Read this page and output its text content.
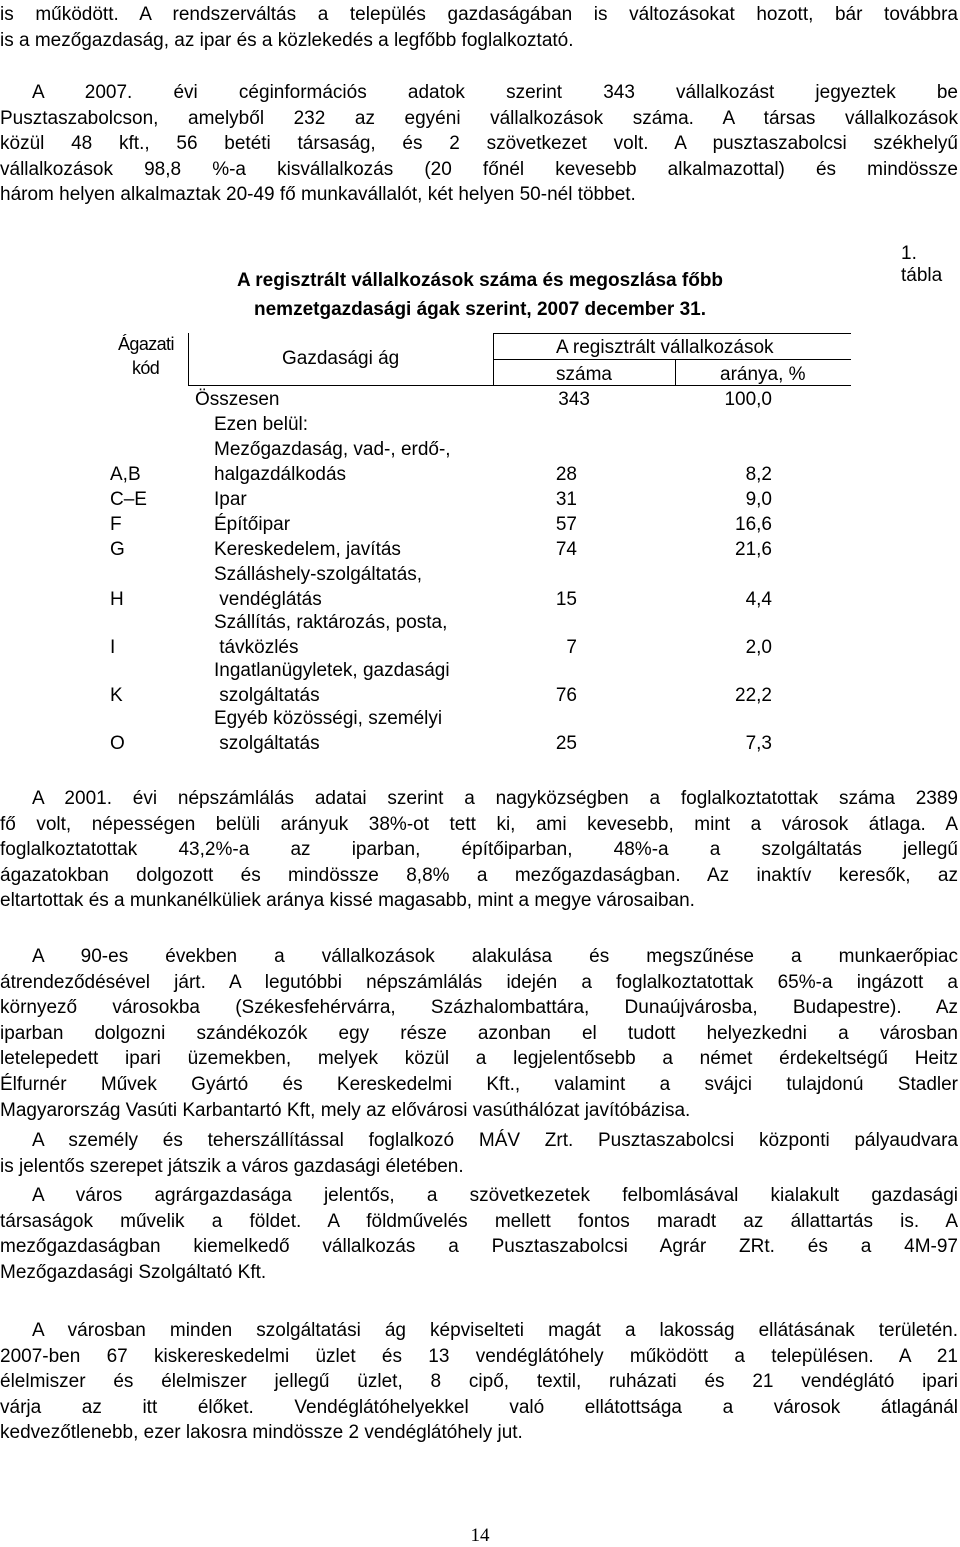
is működött. A rendszerváltás a település gazdaságában is változásokat hozott, bár továbbra
is a mezőgazdaság, az ipar és a közlekedés a legfőbb foglalkoztató.
A 2007. évi céginformációs adatok szerint 343 vállalkozást jegyeztek be
Pusztaszabolcson, amelyből 232 az egyéni vállalkozások száma. A társas vállalkozások
közül 48 kft., 56 betéti társaság, és 2 szövetkezet volt. A pusztaszabolcsi székhelyű
vállalkozások 98,8 %-a kisvállalkozás (20 főnél kevesebb alkalmazottal) és mindössze
három helyen alkalmaztak 20-49 fő munkavállalót, két helyen 50-nél többet.
1. tábla
A regisztrált vállalkozások száma és megoszlása főbb
nemzetgazdasági ágak szerint, 2007 december 31.
Ágazati
kód	Gazdasági ág
A regisztrált vállalkozások
száma	aránya, %
Összesen	343	100,0
Ezen belül:
Mezőgazdaság, vad-, erdő-,
A,B	halgazdálkodás	28	8,2
C–E	Ipar	31	9,0
F	Építőipar	57	16,6
G	Kereskedelem, javítás	74	21,6
Szálláshely-szolgáltatás,
H	vendéglátás	15	4,4
Szállítás, raktározás, posta,
I	távközlés	7	2,0
Ingatlanügyletek, gazdasági
K	szolgáltatás	76	22,2
Egyéb közösségi, személyi
O	szolgáltatás	25	7,3
A 2001. évi népszámlálás adatai szerint a nagyközségben a foglalkoztatottak száma 2389
fő volt, népességen belüli arányuk 38%-ot tett ki, ami kevesebb, mint a városok átlaga. A
foglalkoztatottak 43,2%-a az iparban, építőiparban, 48%-a a szolgáltatás jellegű
ágazatokban dolgozott és mindössze 8,8% a mezőgazdaságban. Az inaktív keresők, az
eltartottak és a munkanélküliek aránya kissé magasabb, mint a megye városaiban.
A 90-es években a vállalkozások alakulása és megszűnése a munkaerőpiac
átrendeződésével járt. A legutóbbi népszámlálás idején a foglalkoztatottak 65%-a ingázott a
környező városokba (Székesfehérvárra, Százhalombattára, Dunaújvárosba, Budapestre). Az
iparban dolgozni szándékozók egy része azonban el tudott helyezkedni a városban
letelepedett ipari üzemekben, melyek közül a legjelentősebb a német érdekeltségű Heitz
Élfurnér Művek Gyártó és Kereskedelmi Kft., valamint a svájci tulajdonú Stadler
Magyarország Vasúti Karbantartó Kft, mely az elővárosi vasúthálózat javítóbázisa.
A személy és teherszállítással foglalkozó MÁV Zrt. Pusztaszabolcsi központi pályaudvara
is jelentős szerepet játszik a város gazdasági életében.
A város agrárgazdasága jelentős, a szövetkezetek felbomlásával kialakult gazdasági
társaságok művelik a földet. A földművelés mellett fontos maradt az állattartás is. A
mezőgazdaságban kiemelkedő vállalkozás a Pusztaszabolcsi Agrár ZRt. és a 4M-97
Mezőgazdasági Szolgáltató Kft.
A városban minden szolgáltatási ág képviselteti magát a lakosság ellátásának területén.
2007-ben 67 kiskereskedelmi üzlet és 13 vendéglátóhely működött a településen. A 21
élelmiszer és élelmiszer jellegű üzlet, 8 cipő, textil, ruházati és 21 vendéglátó ipari
várja az itt élőket. Vendéglátóhelyekkel való ellátottsága a városok átlagánál
kedvezőtlenebb, ezer lakosra mindössze 2 vendéglátóhely jut.
14
